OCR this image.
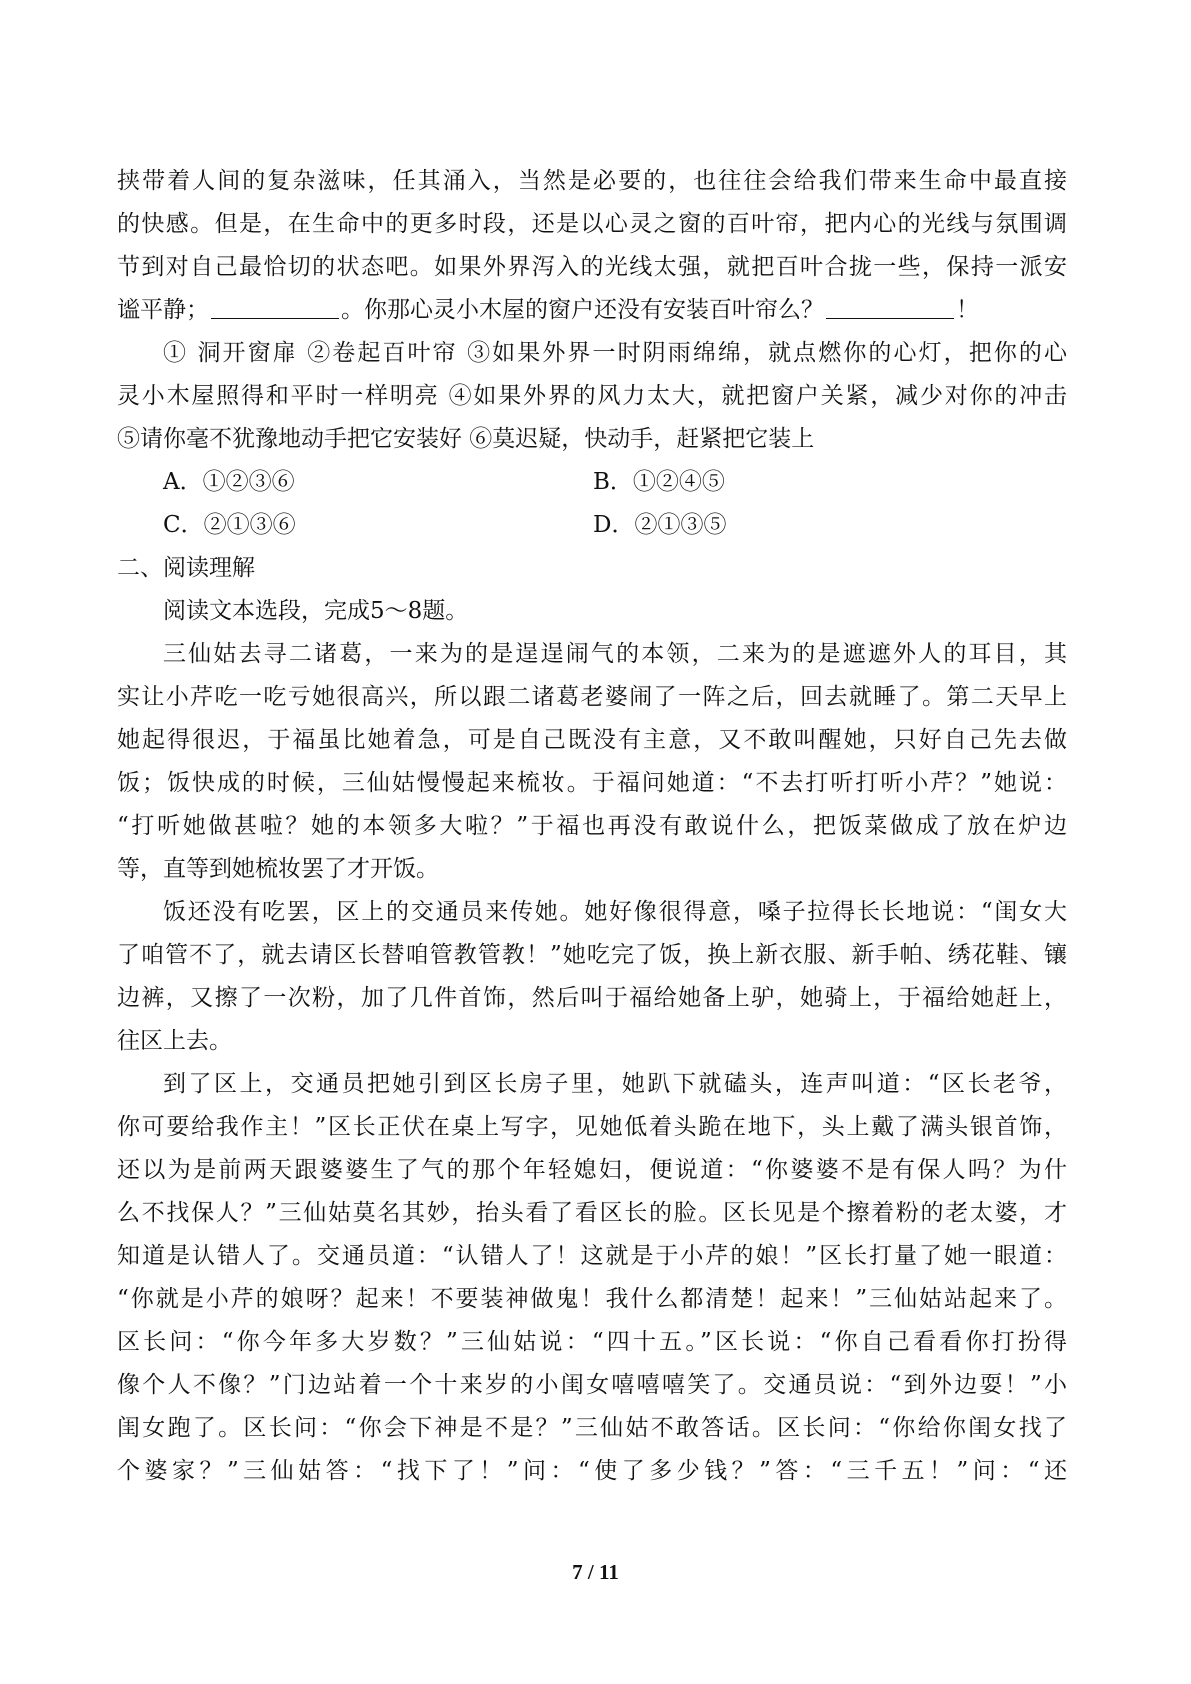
挟带着人间的复杂滋味，任其涌入，当然是必要的，也往往会给我们带来生命中最直接
的快感。但是，在生命中的更多时段，还是以心灵之窗的百叶帘，把内心的光线与氛围调
节到对自己最恰切的状态吧。如果外界泻入的光线太强，就把百叶合拢一些，保持一派安
谧平静；	。你那心灵小木屋的窗户还没有安装百叶帘么？	！
① 洞开窗扉 ②卷起百叶帘 ③如果外界一时阴雨绵绵，就点燃你的心灯，把你的心
灵小木屋照得和平时一样明亮 ④如果外界的风力太大，就把窗户关紧，减少对你的冲击
⑤请你毫不犹豫地动手把它安装好 ⑥莫迟疑，快动手，赶紧把它装上
A．①②③⑥	B．①②④⑤
C．②①③⑥	D．②①③⑤
二、阅读理解
阅读文本选段，完成5～8题。
三仙姑去寻二诸葛，一来为的是逞逞闹气的本领，二来为的是遮遮外人的耳目，其
实让小芹吃一吃亏她很高兴，所以跟二诸葛老婆闹了一阵之后，回去就睡了。第二天早上
她起得很迟，于福虽比她着急，可是自己既没有主意，又不敢叫醒她，只好自己先去做
饭；饭快成的时候，三仙姑慢慢起来梳妆。于福问她道：“不去打听打听小芹？”她说：
“打听她做甚啦？她的本领多大啦？”于福也再没有敢说什么，把饭菜做成了放在炉边
等，直等到她梳妆罢了才开饭。
饭还没有吃罢，区上的交通员来传她。她好像很得意，嗓子拉得长长地说：“闺女大
了咱管不了，就去请区长替咱管教管教！”她吃完了饭，换上新衣服、新手帕、绣花鞋、镶
边裤，又擦了一次粉，加了几件首饰，然后叫于福给她备上驴，她骑上，于福给她赶上，
往区上去。
到了区上，交通员把她引到区长房子里，她趴下就磕头，连声叫道：“区长老爷，
你可要给我作主！”区长正伏在桌上写字，见她低着头跪在地下，头上戴了满头银首饰，
还以为是前两天跟婆婆生了气的那个年轻媳妇，便说道：“你婆婆不是有保人吗？为什
么不找保人？”三仙姑莫名其妙，抬头看了看区长的脸。区长见是个擦着粉的老太婆，才
知道是认错人了。交通员道：“认错人了！这就是于小芹的娘！”区长打量了她一眼道：
“你就是小芹的娘呀？起来！不要装神做鬼！我什么都清楚！起来！”三仙姑站起来了。
区长问：“你今年多大岁数？”三仙姑说：“四十五。”区长说：“你自己看看你打扮得
像个人不像？”门边站着一个十来岁的小闺女嘻嘻嘻笑了。交通员说：“到外边耍！”小
闺女跑了。区长问：“你会下神是不是？”三仙姑不敢答话。区长问：“你给你闺女找了
个婆家？”三仙姑答：“找下了！”问：“使了多少钱？”答：“三千五！”问：“还
7 / 11
